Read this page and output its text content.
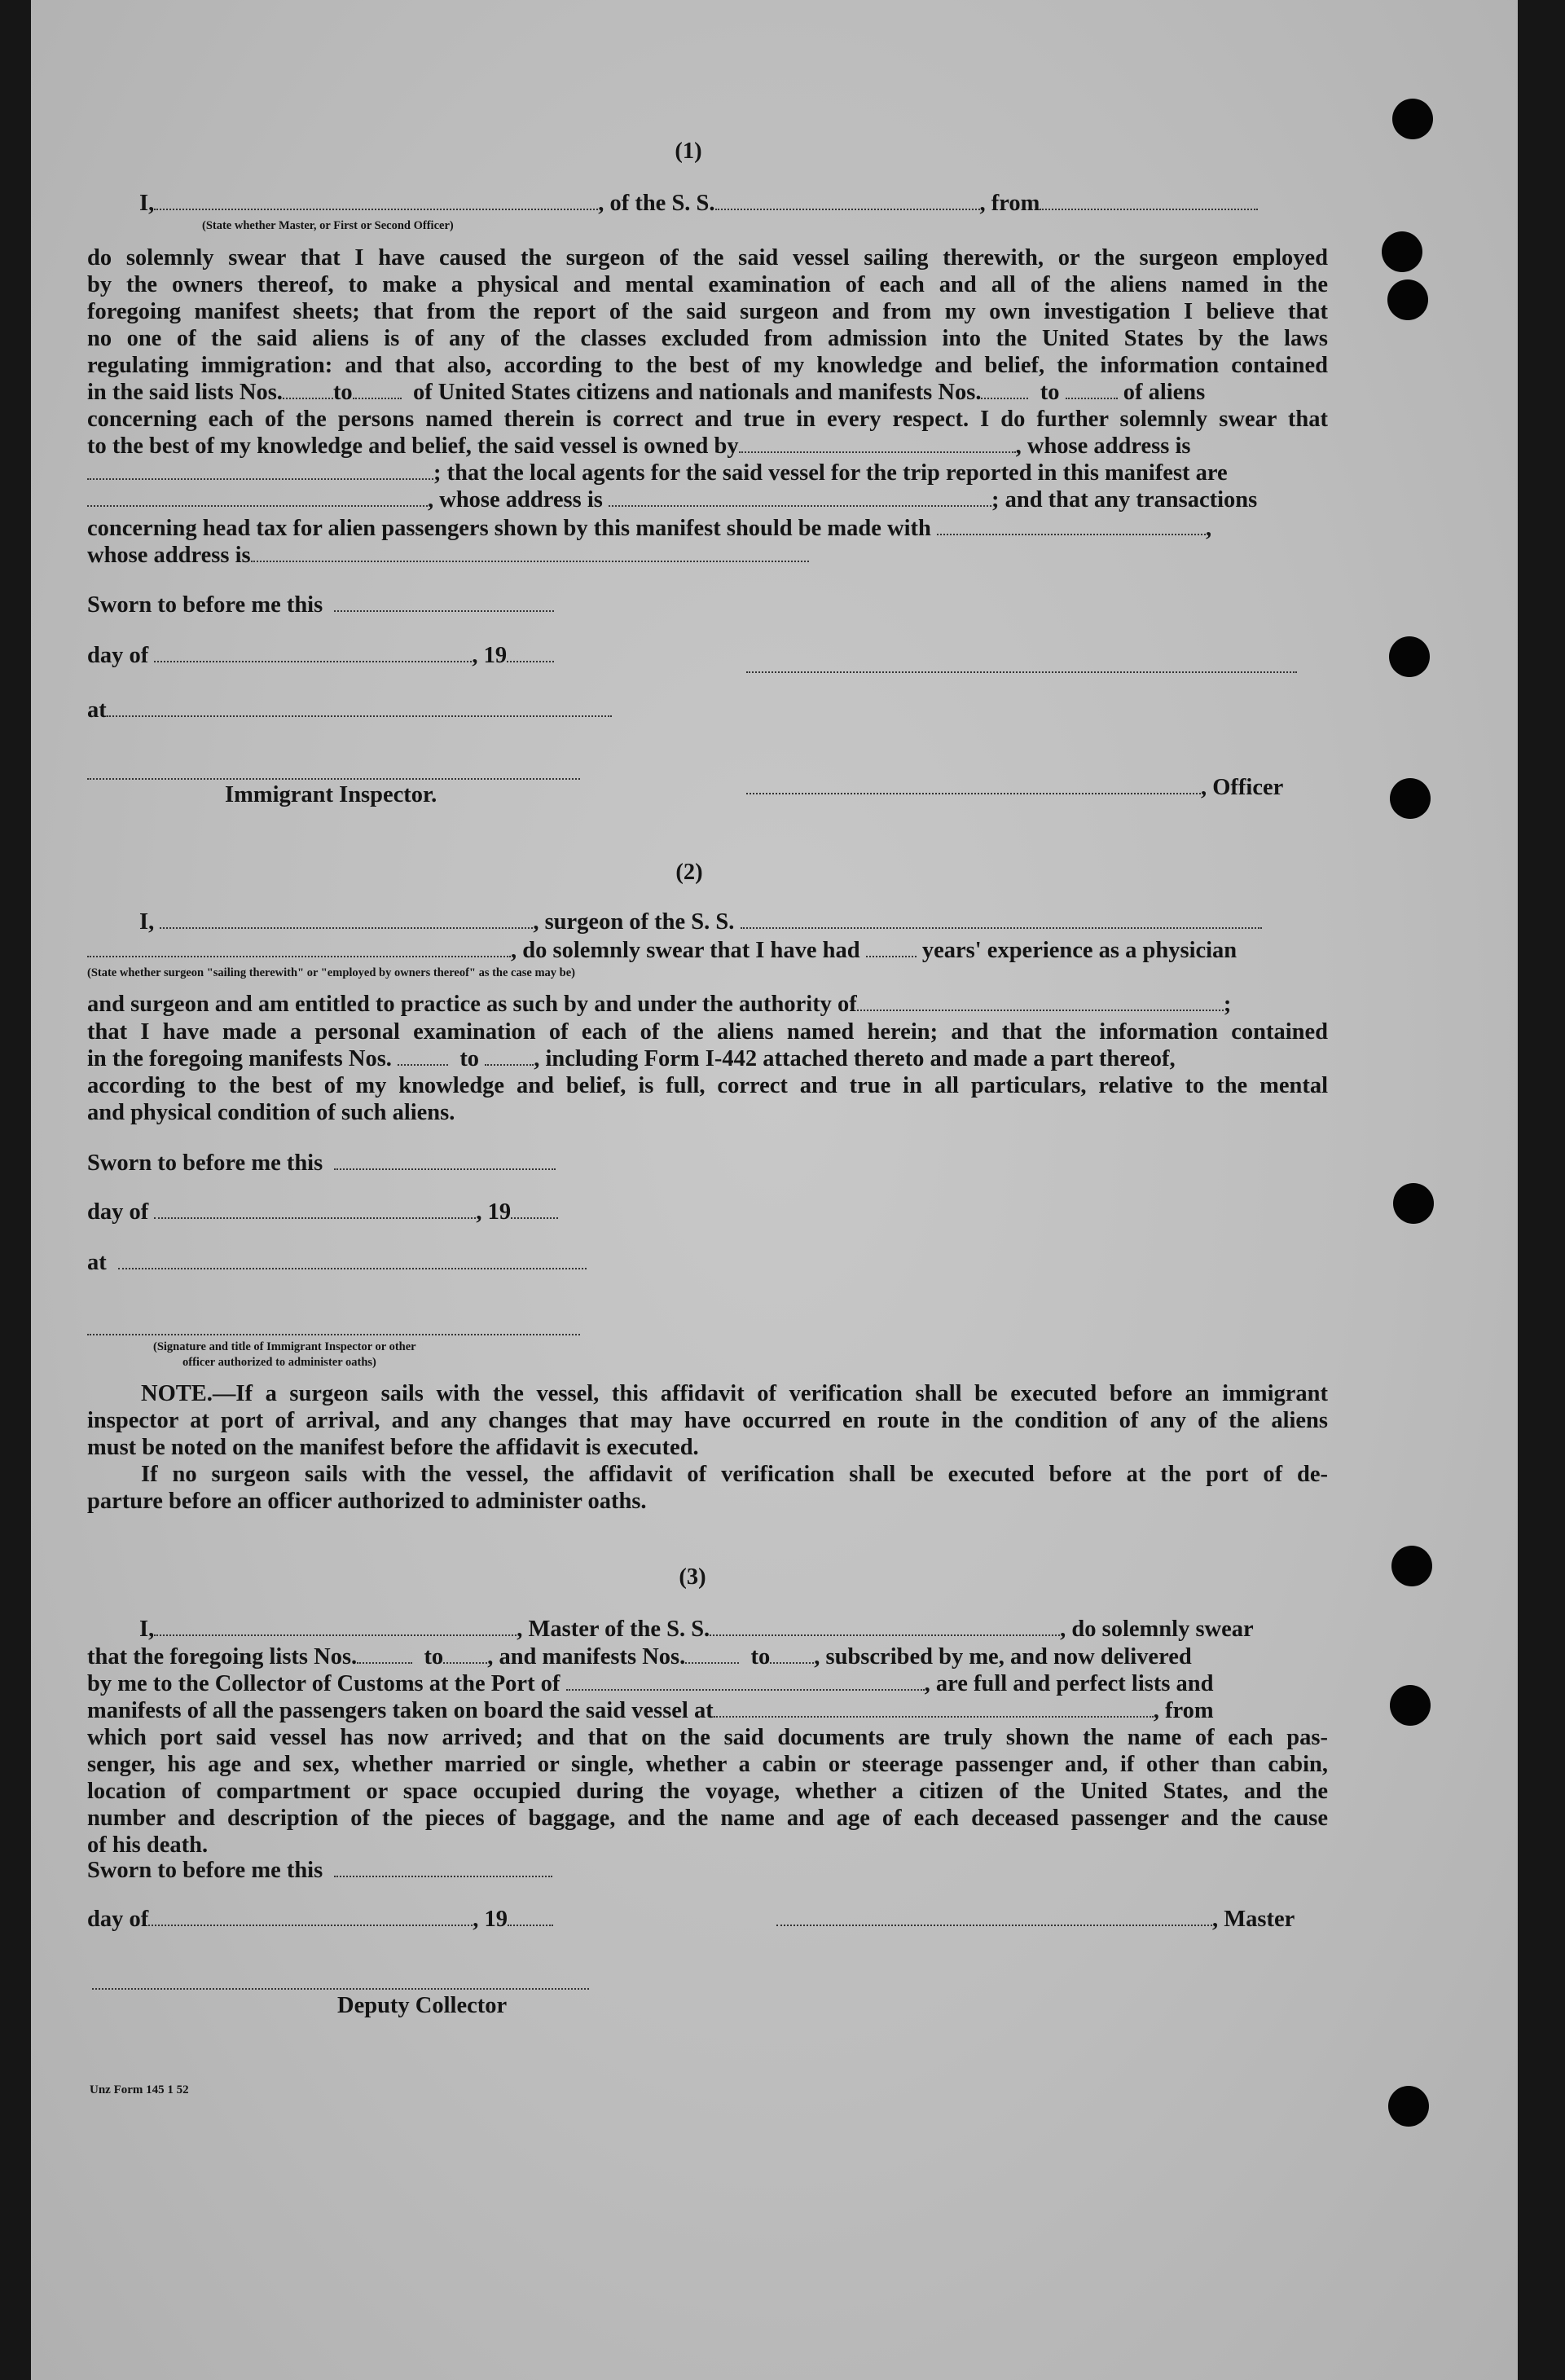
(1)
I,	, of the S. S.	, from
(State whether Master, or First or Second Officer)
do solemnly swear that I have caused the surgeon of the said vessel sailing therewith, or the surgeon employed
by the owners thereof, to make a physical and mental examination of each and all of the aliens named in the
foregoing manifest sheets; that from the report of the said surgeon and from my own investigation I believe that
no one of the said aliens is of any of the classes excluded from admission into the United States by the laws
regulating immigration: and that also, according to the best of my knowledge and belief, the information contained
in the said lists Nos. to	of United States citizens and nationals and manifests Nos.	to	of aliens
concerning each of the persons named therein is correct and true in every respect. I do further solemnly swear that
to the best of my knowledge and belief, the said vessel is owned by	, whose address is
; that the local agents for the said vessel for the trip reported in this manifest are
, whose address is	; and that any transactions
concerning head tax for alien passengers shown by this manifest should be made with	,
whose address is
Sworn to before me this
day of	, 19
at
Immigrant Inspector.	, Officer
(2)
I,	, surgeon of the S. S.
, do solemnly swear that I have had	years' experience as a physician
(State whether surgeon "sailing therewith" or "employed by owners thereof" as the case may be)
and surgeon and am entitled to practice as such by and under the authority of	;
that I have made a personal examination of each of the aliens named herein; and that the information contained
in the foregoing manifests Nos.	to , including Form I-442 attached thereto and made a part thereof,
according to the best of my knowledge and belief, is full, correct and true in all particulars, relative to the mental
and physical condition of such aliens.
Sworn to before me this
day of	, 19
at
(Signature and title of Immigrant Inspector or other
officer authorized to administer oaths)
NOTE.—If a surgeon sails with the vessel, this affidavit of verification shall be executed before an immigrant
inspector at port of arrival, and any changes that may have occurred en route in the condition of any of the aliens
must be noted on the manifest before the affidavit is executed.
If no surgeon sails with the vessel, the affidavit of verification shall be executed before at the port of de-
parture before an officer authorized to administer oaths.
(3)
I,	, Master of the S. S.	, do solemnly swear
that the foregoing lists Nos.	to , and manifests Nos.	to , subscribed by me, and now delivered
by me to the Collector of Customs at the Port of	, are full and perfect lists and
manifests of all the passengers taken on board the said vessel at	, from
which port said vessel has now arrived; and that on the said documents are truly shown the name of each pas-
senger, his age and sex, whether married or single, whether a cabin or steerage passenger and, if other than cabin,
location of compartment or space occupied during the voyage, whether a citizen of the United States, and the
number and description of the pieces of baggage, and the name and age of each deceased passenger and the cause
of his death.
Sworn to before me this
day of	, 19	, Master
Deputy Collector
Unz Form 145 1 52
